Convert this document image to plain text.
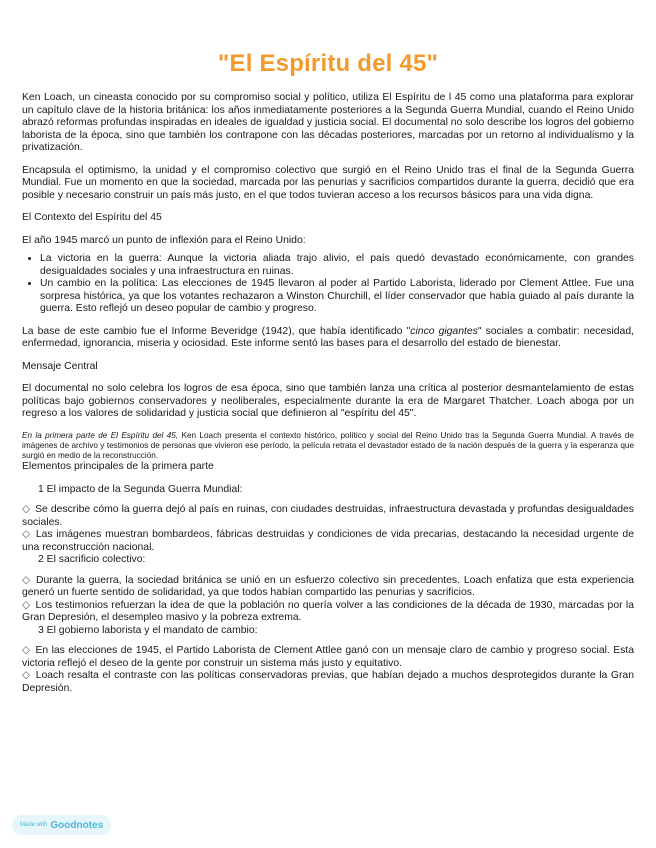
"El Espíritu del 45"

Ken Loach, un cineasta conocido por su compromiso social y político, utiliza El Espíritu de l 45 como una plataforma para explorar un capítulo clave de la historia británica: los años inmediatamente posteriores a la Segunda Guerra Mundial, cuando el Reino Unido abrazó reformas profundas inspiradas en ideales de igualdad y justicia social. El documental no solo describe los logros del gobierno laborista de la época, sino que también los contrapone con las décadas posteriores, marcadas por un retorno al individualismo y la privatización.

Encapsula el optimismo, la unidad y el compromiso colectivo que surgió en el Reino Unido tras el final de la Segunda Guerra Mundial. Fue un momento en que la sociedad, marcada por las penurias y sacrificios compartidos durante la guerra, decidió que era posible y necesario construir un país más justo, en el que todos tuvieran acceso a los recursos básicos para una vida digna.

El Contexto del Espíritu del 45

El año 1945 marcó un punto de inflexión para el Reino Unido:

• La victoria en la guerra: Aunque la victoria aliada trajo alivio, el país quedó devastado económicamente, con grandes desigualdades sociales y una infraestructura en ruinas.
• Un cambio en la política: Las elecciones de 1945 llevaron al poder al Partido Laborista, liderado por Clement Attlee. Fue una sorpresa histórica, ya que los votantes rechazaron a Winston Churchill, el líder conservador que había guiado al país durante la guerra. Esto reflejó un deseo popular de cambio y progreso.

La base de este cambio fue el Informe Beveridge (1942), que había identificado "cinco gigantes" sociales a combatir: necesidad, enfermedad, ignorancia, miseria y ociosidad. Este informe sentó las bases para el desarrollo del estado de bienestar.

Mensaje Central

El documental no solo celebra los logros de esa época, sino que también lanza una crítica al posterior desmantelamiento de estas políticas bajo gobiernos conservadores y neoliberales, especialmente durante la era de Margaret Thatcher. Loach aboga por un regreso a los valores de solidaridad y justicia social que definieron al "espíritu del 45".

En la primera parte de El Espíritu del 45, Ken Loach presenta el contexto histórico, político y social del Reino Unido tras la Segunda Guerra Mundial. A través de imágenes de archivo y testimonios de personas que vivieron ese período, la película retrata el devastador estado de la nación después de la guerra y la esperanza que surgió en medio de la reconstrucción.

Elementos principales de la primera parte

1 El impacto de la Segunda Guerra Mundial:

◇ Se describe cómo la guerra dejó al país en ruinas, con ciudades destruidas, infraestructura devastada y profundas desigualdades sociales.

◇ Las imágenes muestran bombardeos, fábricas destruidas y condiciones de vida precarias, destacando la necesidad urgente de una reconstrucción nacional.

2 El sacrificio colectivo:

◇ Durante la guerra, la sociedad británica se unió en un esfuerzo colectivo sin precedentes. Loach enfatiza que esta experiencia generó un fuerte sentido de solidaridad, ya que todos habían compartido las penurias y sacrificios.

◇ Los testimonios refuerzan la idea de que la población no quería volver a las condiciones de la década de 1930, marcadas por la Gran Depresión, el desempleo masivo y la pobreza extrema.

3 El gobierno laborista y el mandato de cambio:

◇ En las elecciones de 1945, el Partido Laborista de Clement Attlee ganó con un mensaje claro de cambio y progreso social. Esta victoria reflejó el deseo de la gente por construir un sistema más justo y equitativo.

◇ Loach resalta el contraste con las políticas conservadoras previas, que habían dejado a muchos desprotegidos durante la Gran Depresión.

Made with Goodnotes
